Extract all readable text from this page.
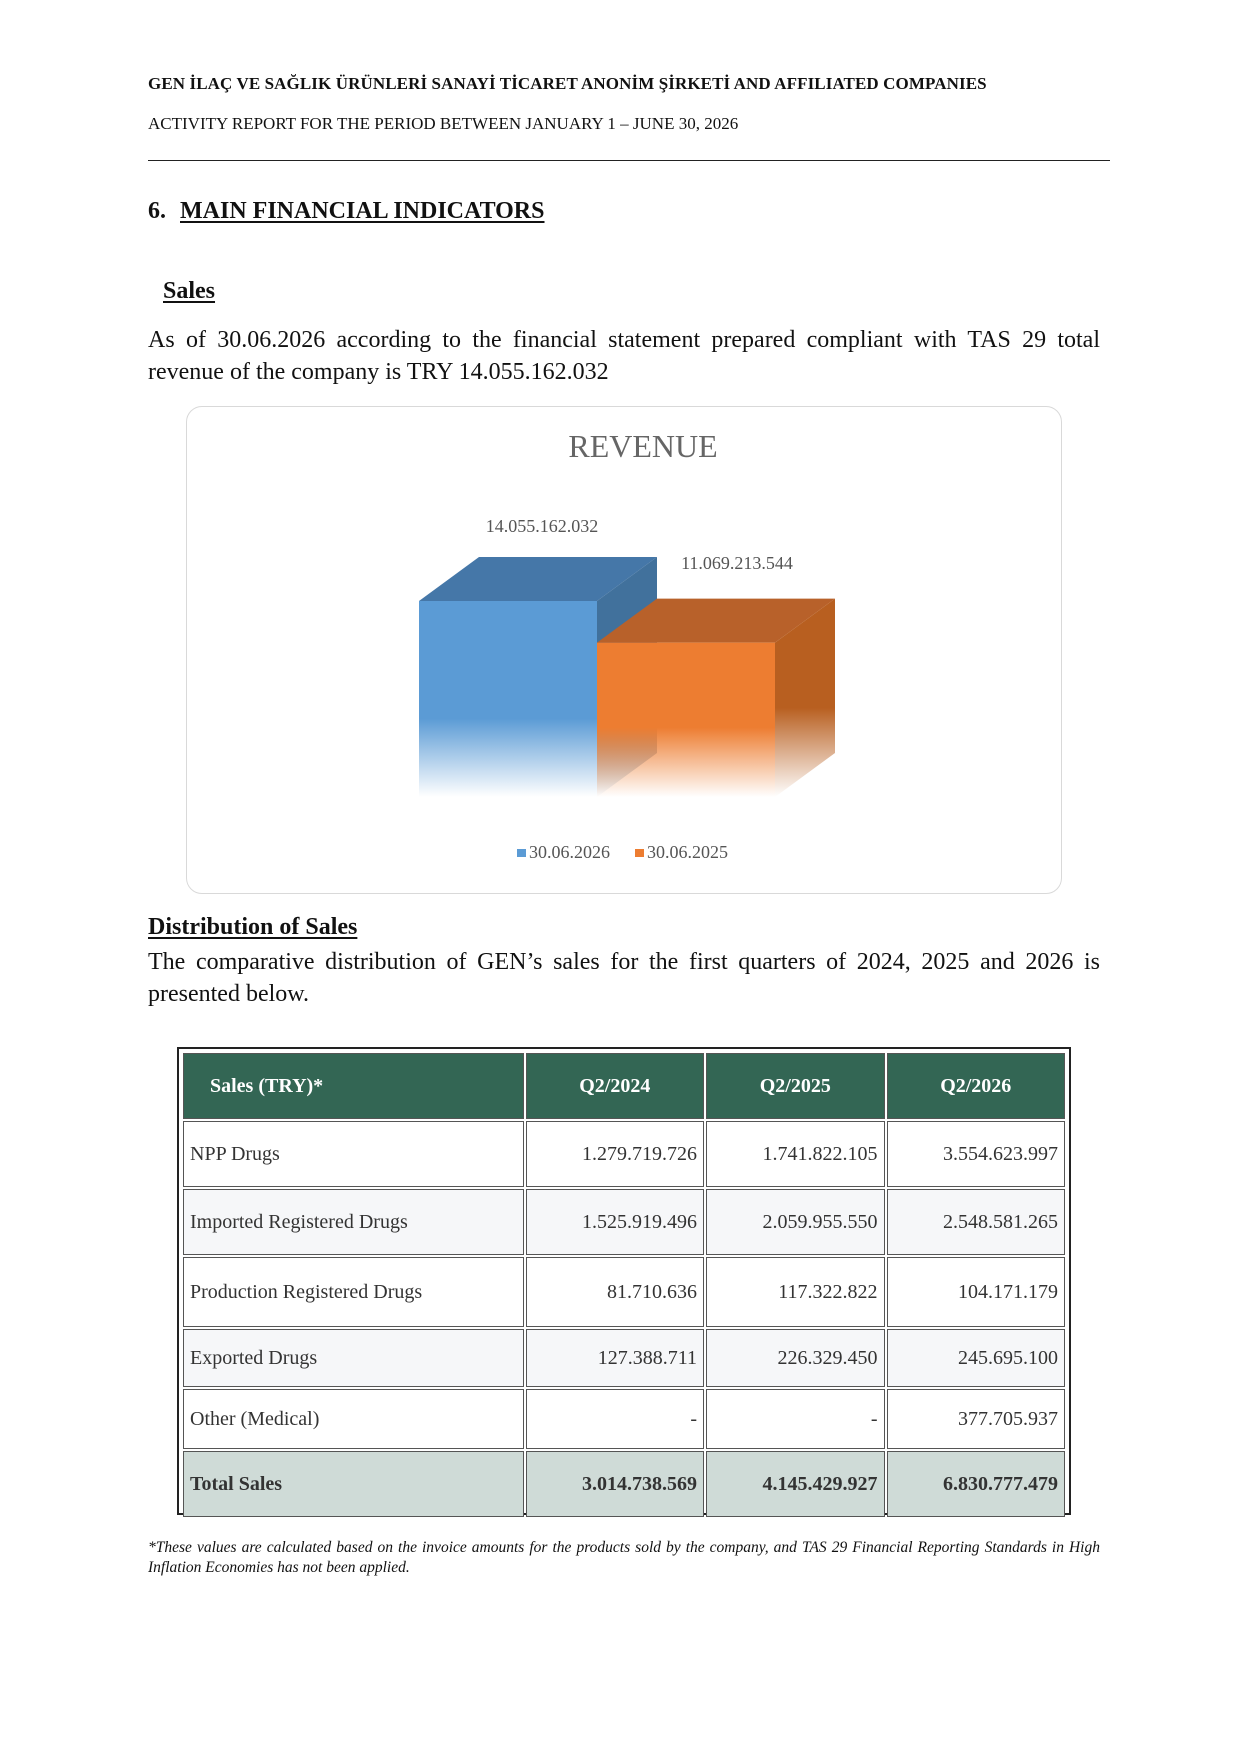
GEN İLAÇ VE SAĞLIK ÜRÜNLERİ SANAYİ TİCARET ANONİM ŞİRKETİ AND AFFILIATED COMPANIES
ACTIVITY REPORT FOR THE PERIOD BETWEEN JANUARY 1 – JUNE 30, 2026
6. MAIN FINANCIAL INDICATORS
Sales
As of 30.06.2026 according to the financial statement prepared compliant with TAS 29 total revenue of the company is TRY 14.055.162.032
REVENUE
14.055.162.032
11.069.213.544
30.06.2026 30.06.2025
Distribution of Sales
The comparative distribution of GEN’s sales for the first quarters of 2024, 2025 and 2026 is presented below.
Sales (TRY)*	Q2/2024	Q2/2025	Q2/2026
NPP Drugs	1.279.719.726	1.741.822.105	3.554.623.997
Imported Registered Drugs	1.525.919.496	2.059.955.550	2.548.581.265
Production Registered Drugs	81.710.636	117.322.822	104.171.179
Exported Drugs	127.388.711	226.329.450	245.695.100
Other (Medical)	-	-	377.705.937
Total Sales	3.014.738.569	4.145.429.927	6.830.777.479
*These values are calculated based on the invoice amounts for the products sold by the company, and TAS 29 Financial Reporting Standards in High Inflation Economies has not been applied.
